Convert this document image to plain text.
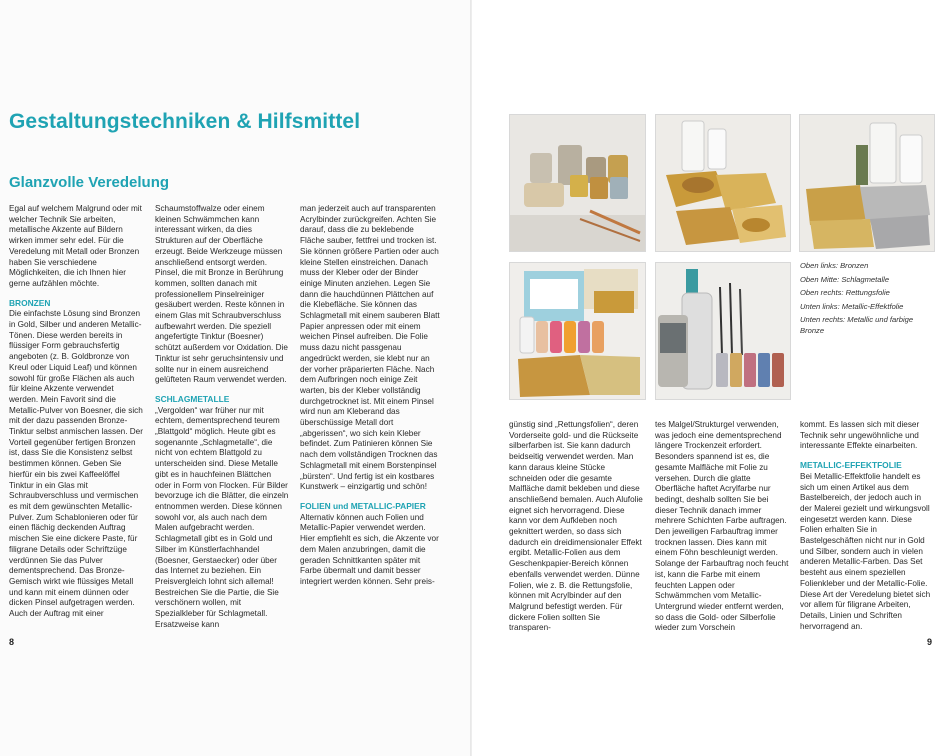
Gestaltungstechniken & Hilfsmittel
Glanzvolle Veredelung

Egal auf welchem Malgrund oder mit welcher Technik Sie arbeiten, metallische Akzente auf Bildern wirken immer sehr edel. Für die Veredelung mit Metall oder Bronzen haben Sie verschiedene Möglichkeiten, die ich Ihnen hier gerne aufzählen möchte.

BRONZEN

Die einfachste Lösung sind Bronzen in Gold, Silber und anderen Metallic-Tönen. Diese werden bereits in flüssiger Form gebrauchsfertig angeboten (z. B. Goldbronze von Kreul oder Liquid Leaf) und können sowohl für große Flächen als auch für kleine Akzente verwendet werden. Mein Favorit sind die Metallic-Pulver von Boesner, die sich mit der dazu passenden Bronze-Tinktur selbst anmischen lassen. Der Vorteil gegenüber fertigen Bronzen ist, dass Sie die Konsistenz selbst bestimmen können. Geben Sie hierfür ein bis zwei Kaffeelöffel Tinktur in ein Glas mit Schraubverschluss und vermischen es mit dem gewünschten Metallic-Pulver. Zum Schablonieren oder für einen flächig deckenden Auftrag mischen Sie eine dickere Paste, für filigrane Details oder Schriftzüge verdünnen Sie das Pulver dementsprechend. Das Bronze-Gemisch wirkt wie flüssiges Metall und kann mit einem dünnen oder dicken Pinsel aufgetragen werden. Auch der Auftrag mit einer

Schaumstoffwalze oder einem kleinen Schwämmchen kann interessant wirken, da dies Strukturen auf der Oberfläche erzeugt. Beide Werkzeuge müssen anschließend entsorgt werden. Pinsel, die mit Bronze in Berührung kommen, sollten danach mit professionellem Pinselreiniger gesäubert werden. Reste können in einem Glas mit Schraubverschluss aufbewahrt werden. Die speziell angefertigte Tinktur (Boesner) schützt außerdem vor Oxidation. Die Tinktur ist sehr geruchsintensiv und sollte nur in einem ausreichend gelüfteten Raum verwendet werden.

SCHLAGMETALLE

„Vergolden“ war früher nur mit echtem, dementsprechend teurem „Blattgold“ möglich. Heute gibt es sogenannte „Schlagmetalle“, die nicht von echtem Blattgold zu unterscheiden sind. Diese Metalle gibt es in hauchfeinen Blättchen oder in Form von Flocken. Für Bilder bevorzuge ich die Blätter, die einzeln entnommen werden. Diese können sowohl vor, als auch nach dem Malen aufgebracht werden. Schlagmetall gibt es in Gold und Silber im Künstlerfachhandel (Boesner, Gerstaecker) oder über das Internet zu beziehen. Ein Preisvergleich lohnt sich allemal! Bestreichen Sie die Partie, die Sie verschönern wollen, mit Spezialkleber für Schlagmetall. Ersatzweise kann

man jederzeit auch auf transparenten Acrylbinder zurückgreifen. Achten Sie darauf, dass die zu beklebende Fläche sauber, fettfrei und trocken ist. Sie können größere Partien oder auch kleine Stellen einstreichen. Danach muss der Kleber oder der Binder einige Minuten anziehen. Legen Sie dann die hauchdünnen Plättchen auf die Klebefläche. Sie können das Schlagmetall mit einem sauberen Blatt Papier anpressen oder mit einem weichen Pinsel aufreiben. Die Folie muss dazu nicht passgenau angedrückt werden, sie klebt nur an der vorher präparierten Fläche. Nach dem Aufbringen noch einige Zeit warten, bis der Kleber vollständig durchgetrocknet ist. Mit einem Pinsel wird nun am Kleberand das überschüssige Metall dort „abgerissen“, wo sich kein Kleber befindet. Zum Patinieren können Sie nach dem vollständigen Trocknen das Schlagmetall mit einem Borstenpinsel „bürsten“. Und fertig ist ein kostbares Kunstwerk – einzigartig und schön!

FOLIEN und METALLIC-PAPIER

Alternativ können auch Folien und Metallic-Papier verwendet werden. Hier empfiehlt es sich, die Akzente vor dem Malen anzubringen, damit die geraden Schnittkanten später mit Farbe übermalt und damit besser integriert werden können. Sehr preis-

8

Oben links: Bronzen

Oben Mitte: Schlagmetalle

Oben rechts: Rettungsfolie

Unten links: Metallic-Effektfolie

Unten rechts: Metallic und farbige Bronze

günstig sind „Rettungsfolien“, deren Vorderseite gold- und die Rückseite silberfarben ist. Sie kann dadurch beidseitig verwendet werden. Man kann daraus kleine Stücke schneiden oder die gesamte Malfläche damit bekleben und diese anschließend bemalen. Auch Alufolie eignet sich hervorragend. Diese kann vor dem Aufkleben noch geknittert werden, so dass sich dadurch ein dreidimensionaler Effekt ergibt. Metallic-Folien aus dem Geschenkpapier-Bereich können ebenfalls verwendet werden. Dünne Folien, wie z. B. die Rettungsfolie, können mit Acrylbinder auf den Malgrund befestigt werden. Für dickere Folien sollten Sie transparen-

tes Malgel/Strukturgel verwenden, was jedoch eine dementsprechend längere Trockenzeit erfordert. Besonders spannend ist es, die gesamte Malfläche mit Folie zu versehen. Durch die glatte Oberfläche haftet Acrylfarbe nur bedingt, deshalb sollten Sie bei dieser Technik danach immer mehrere Schichten Farbe auftragen. Den jeweiligen Farbauftrag immer trocknen lassen. Dies kann mit einem Föhn beschleunigt werden. Solange der Farbauftrag noch feucht ist, kann die Farbe mit einem feuchten Lappen oder Schwämmchen vom Metallic-Untergrund wieder entfernt werden, so dass die Gold- oder Silberfolie wieder zum Vorschein

kommt. Es lassen sich mit dieser Technik sehr ungewöhnliche und interessante Effekte einarbeiten.

METALLIC-EFFEKTFOLIE

Bei Metallic-Effektfolie handelt es sich um einen Artikel aus dem Bastelbereich, der jedoch auch in der Malerei gezielt und wirkungsvoll eingesetzt werden kann. Diese Folien erhalten Sie in Bastelgeschäften nicht nur in Gold und Silber, sondern auch in vielen anderen Metallic-Farben. Das Set besteht aus einem speziellen Folienkleber und der Metallic-Folie. Diese Art der Veredelung bietet sich vor allem für filigrane Arbeiten, Details, Linien und Schriften hervorragend an.

9
